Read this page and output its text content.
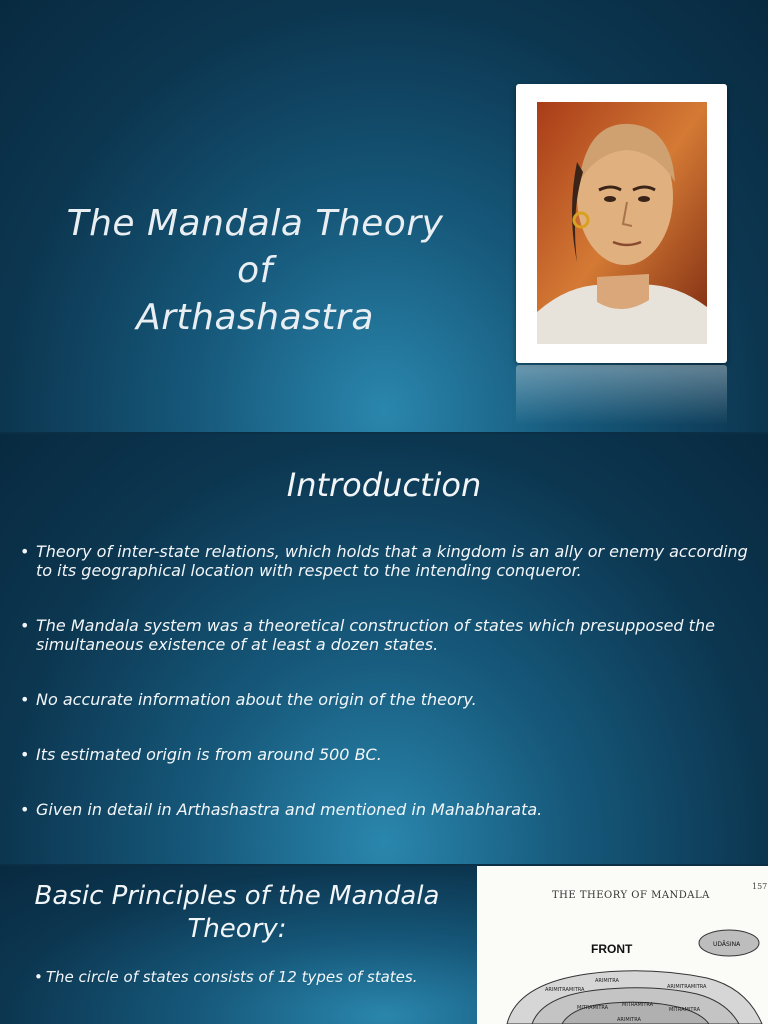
The Mandala Theory
of
Arthashastra
Introduction
• Theory of inter-state relations, which holds that a kingdom is an ally or enemy according to its geographical location with respect to the intending conqueror.
• The Mandala system was a theoretical construction of states which presupposed the simultaneous existence of at least a dozen states.
• No accurate information about the origin of the theory.
• Its estimated origin is from around 500 BC.
• Given in detail in Arthashastra and mentioned in Mahabharata.
Basic Principles of the Mandala Theory:
• The circle of states consists of 12 types of states.
ARIMITRAMITRA
ARIMITRA
ARIMITRAMITRA
MITRAMITRA	MITRAMITRA
MITRAMITRA
ARIMITRA
UDĀSINA
THE THEORY OF MANDALA
157
FRONT
